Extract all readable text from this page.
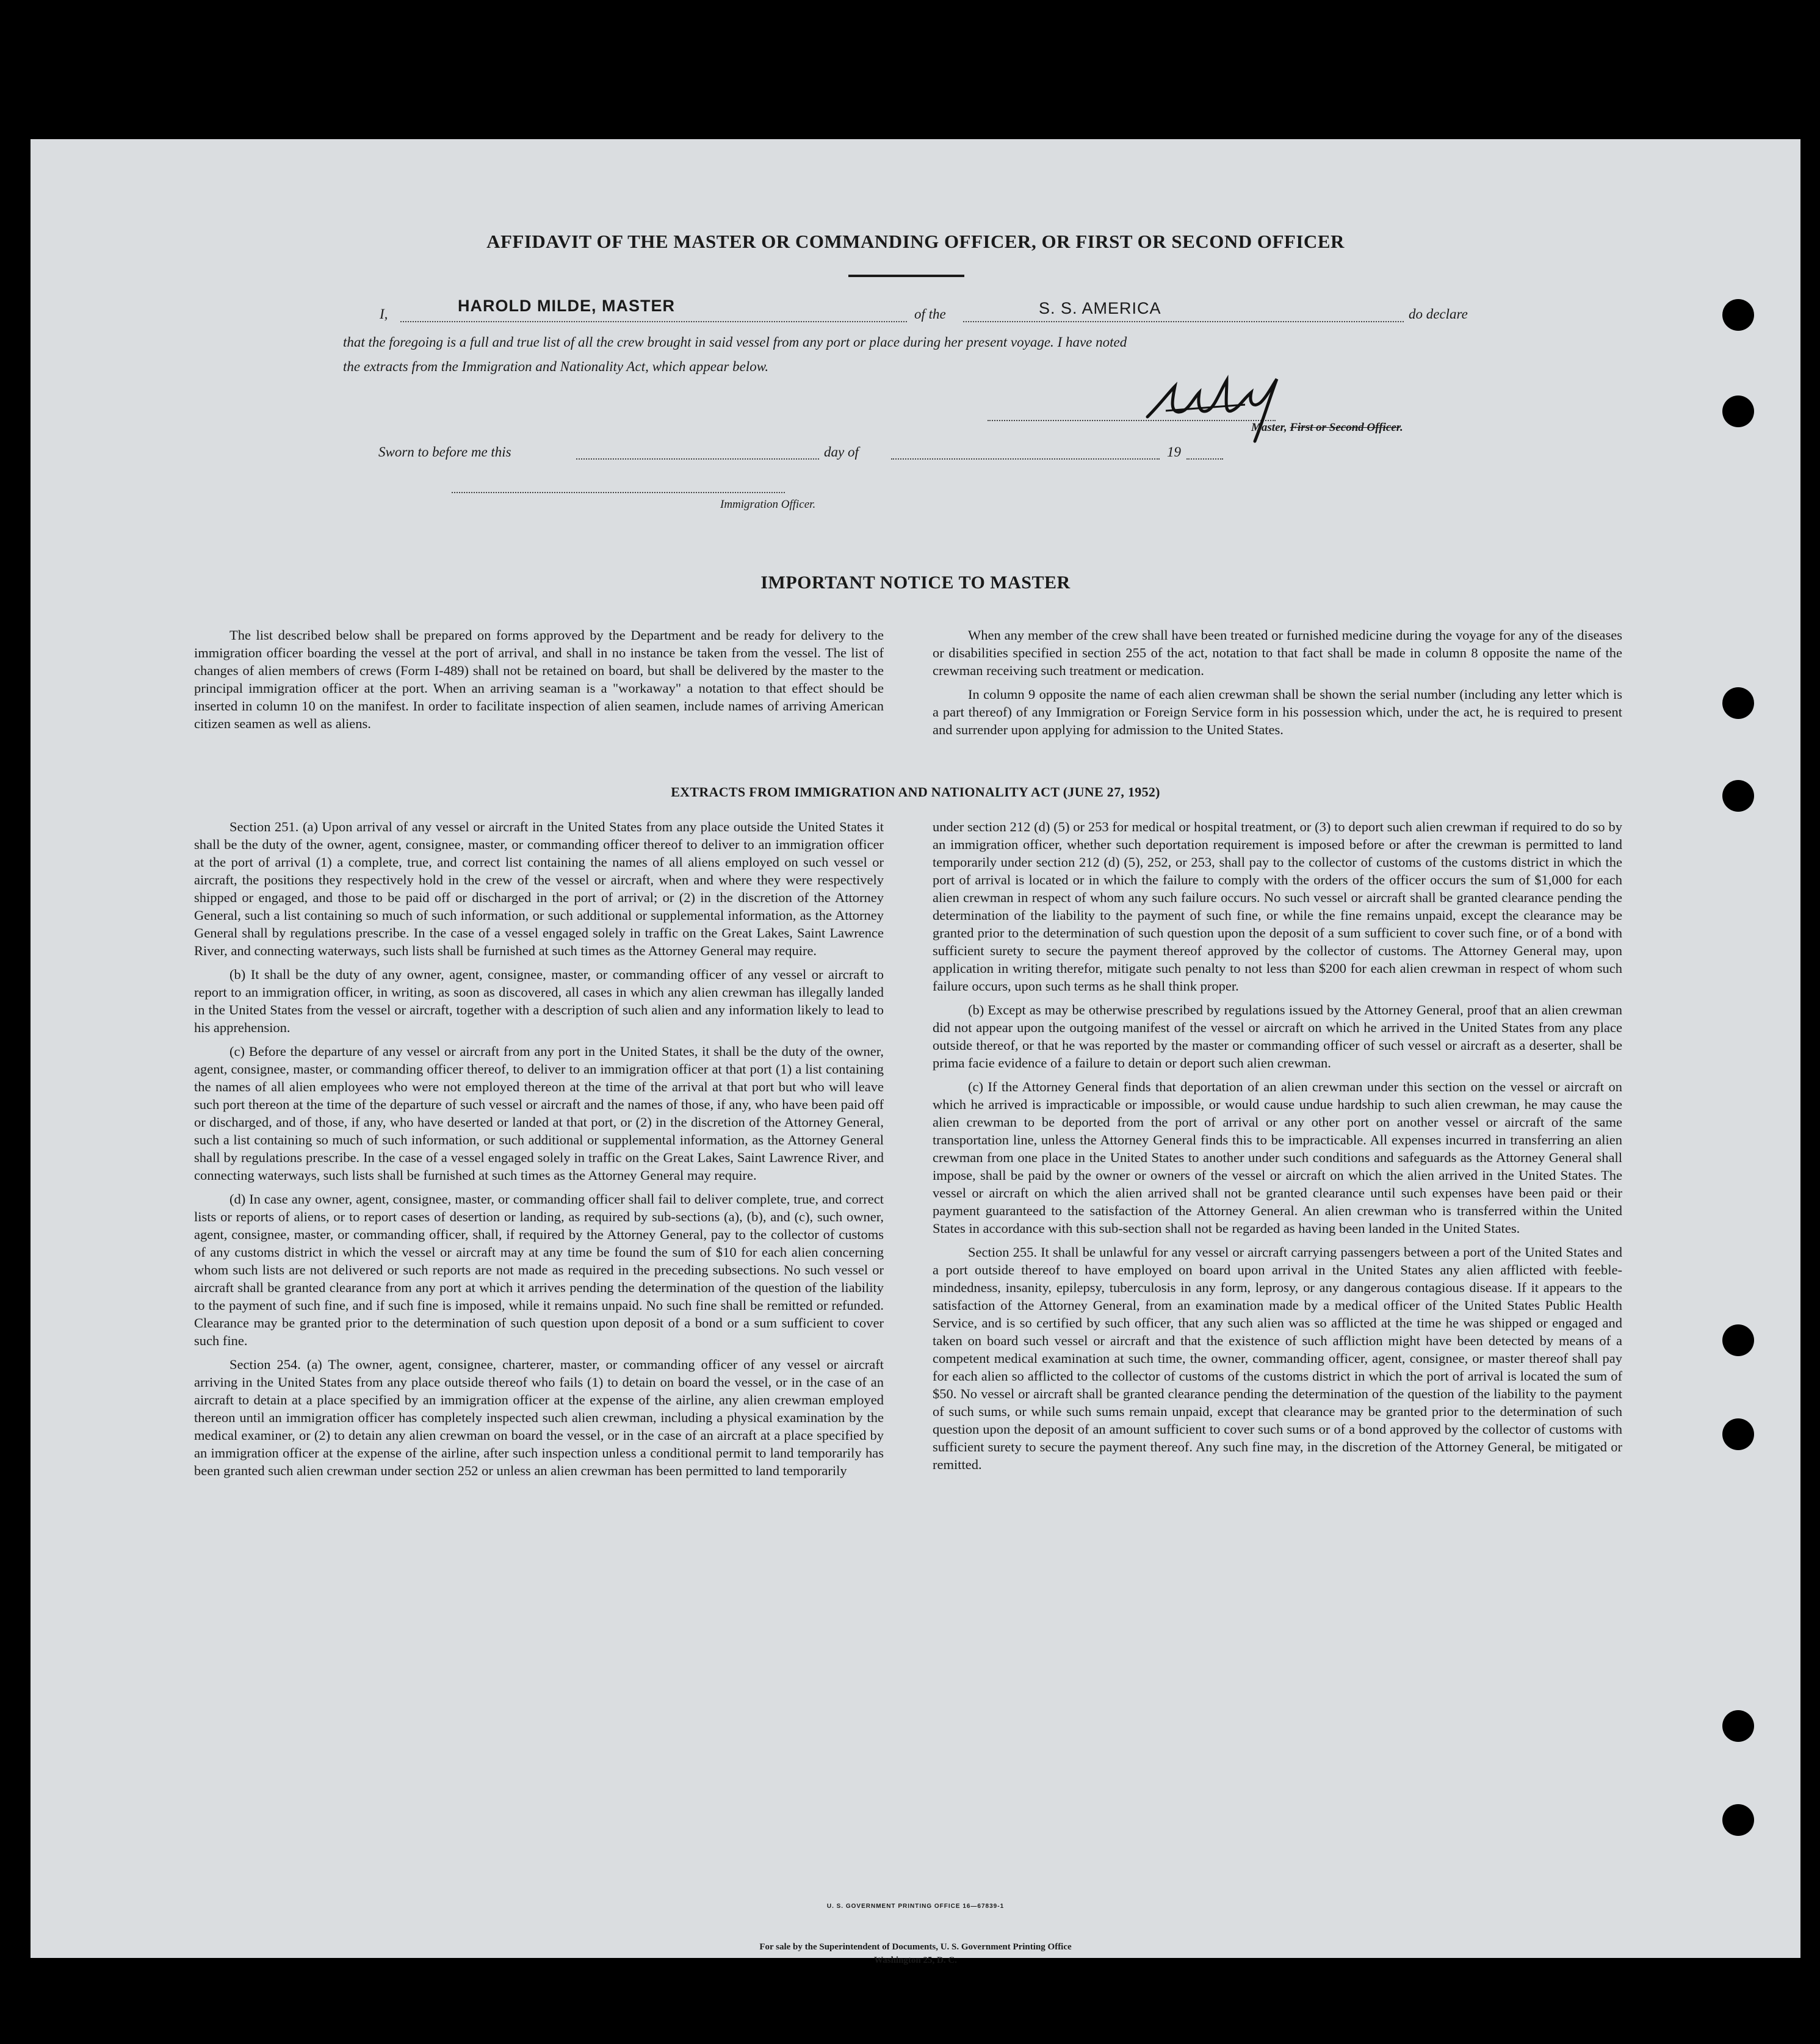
AFFIDAVIT OF THE MASTER OR COMMANDING OFFICER, OR FIRST OR SECOND OFFICER
I,	HAROLD MILDE, MASTER	of the	S. S. AMERICA	do declare
that the foregoing is a full and true list of all the crew brought in said vessel from any port or place during her present voyage. I have noted
the extracts from the Immigration and Nationality Act, which appear below.
Master, First or Second Officer.
Sworn to before me this	day of	19
Immigration Officer.
IMPORTANT NOTICE TO MASTER

The list described below shall be prepared on forms approved by the Department and be ready for delivery to the immigration officer boarding the vessel at the port of arrival, and shall in no instance be taken from the vessel. The list of changes of alien members of crews (Form I-489) shall not be retained on board, but shall be delivered by the master to the principal immigration officer at the port. When an arriving seaman is a "workaway" a notation to that effect should be inserted in column 10 on the manifest. In order to facilitate inspection of alien seamen, include names of arriving American citizen seamen as well as aliens.

When any member of the crew shall have been treated or furnished medicine during the voyage for any of the diseases or disabilities specified in section 255 of the act, notation to that fact shall be made in column 8 opposite the name of the crewman receiving such treatment or medication.

In column 9 opposite the name of each alien crewman shall be shown the serial number (including any letter which is a part thereof) of any Immigration or Foreign Service form in his possession which, under the act, he is required to present and surrender upon applying for admission to the United States.

EXTRACTS FROM IMMIGRATION AND NATIONALITY ACT (JUNE 27, 1952)

Section 251. (a) Upon arrival of any vessel or aircraft in the United States from any place outside the United States it shall be the duty of the owner, agent, consignee, master, or commanding officer thereof to deliver to an immigration officer at the port of arrival (1) a complete, true, and correct list containing the names of all aliens employed on such vessel or aircraft, the positions they respectively hold in the crew of the vessel or aircraft, when and where they were respectively shipped or engaged, and those to be paid off or discharged in the port of arrival; or (2) in the discretion of the Attorney General, such a list containing so much of such information, or such additional or supplemental information, as the Attorney General shall by regulations prescribe. In the case of a vessel engaged solely in traffic on the Great Lakes, Saint Lawrence River, and connecting waterways, such lists shall be furnished at such times as the Attorney General may require.

(b) It shall be the duty of any owner, agent, consignee, master, or commanding officer of any vessel or aircraft to report to an immigration officer, in writing, as soon as discovered, all cases in which any alien crewman has illegally landed in the United States from the vessel or aircraft, together with a description of such alien and any information likely to lead to his apprehension.

(c) Before the departure of any vessel or aircraft from any port in the United States, it shall be the duty of the owner, agent, consignee, master, or commanding officer thereof, to deliver to an immigration officer at that port (1) a list containing the names of all alien employees who were not employed thereon at the time of the arrival at that port but who will leave such port thereon at the time of the departure of such vessel or aircraft and the names of those, if any, who have been paid off or discharged, and of those, if any, who have deserted or landed at that port, or (2) in the discretion of the Attorney General, such a list containing so much of such information, or such additional or supplemental information, as the Attorney General shall by regulations prescribe. In the case of a vessel engaged solely in traffic on the Great Lakes, Saint Lawrence River, and connecting waterways, such lists shall be furnished at such times as the Attorney General may require.

(d) In case any owner, agent, consignee, master, or commanding officer shall fail to deliver complete, true, and correct lists or reports of aliens, or to report cases of desertion or landing, as required by sub-sections (a), (b), and (c), such owner, agent, consignee, master, or commanding officer, shall, if required by the Attorney General, pay to the collector of customs of any customs district in which the vessel or aircraft may at any time be found the sum of $10 for each alien concerning whom such lists are not delivered or such reports are not made as required in the preceding subsections. No such vessel or aircraft shall be granted clearance from any port at which it arrives pending the determination of the question of the liability to the payment of such fine, and if such fine is imposed, while it remains unpaid. No such fine shall be remitted or refunded. Clearance may be granted prior to the determination of such question upon deposit of a bond or a sum sufficient to cover such fine.

Section 254. (a) The owner, agent, consignee, charterer, master, or commanding officer of any vessel or aircraft arriving in the United States from any place outside thereof who fails (1) to detain on board the vessel, or in the case of an aircraft to detain at a place specified by an immigration officer at the expense of the airline, any alien crewman employed thereon until an immigration officer has completely inspected such alien crewman, including a physical examination by the medical examiner, or (2) to detain any alien crewman on board the vessel, or in the case of an aircraft at a place specified by an immigration officer at the expense of the airline, after such inspection unless a conditional permit to land temporarily has been granted such alien crewman under section 252 or unless an alien crewman has been permitted to land temporarily

under section 212 (d) (5) or 253 for medical or hospital treatment, or (3) to deport such alien crewman if required to do so by an immigration officer, whether such deportation requirement is imposed before or after the crewman is permitted to land temporarily under section 212 (d) (5), 252, or 253, shall pay to the collector of customs of the customs district in which the port of arrival is located or in which the failure to comply with the orders of the officer occurs the sum of $1,000 for each alien crewman in respect of whom any such failure occurs. No such vessel or aircraft shall be granted clearance pending the determination of the liability to the payment of such fine, or while the fine remains unpaid, except the clearance may be granted prior to the determination of such question upon the deposit of a sum sufficient to cover such fine, or of a bond with sufficient surety to secure the payment thereof approved by the collector of customs. The Attorney General may, upon application in writing therefor, mitigate such penalty to not less than $200 for each alien crewman in respect of whom such failure occurs, upon such terms as he shall think proper.

(b) Except as may be otherwise prescribed by regulations issued by the Attorney General, proof that an alien crewman did not appear upon the outgoing manifest of the vessel or aircraft on which he arrived in the United States from any place outside thereof, or that he was reported by the master or commanding officer of such vessel or aircraft as a deserter, shall be prima facie evidence of a failure to detain or deport such alien crewman.

(c) If the Attorney General finds that deportation of an alien crewman under this section on the vessel or aircraft on which he arrived is impracticable or impossible, or would cause undue hardship to such alien crewman, he may cause the alien crewman to be deported from the port of arrival or any other port on another vessel or aircraft of the same transportation line, unless the Attorney General finds this to be impracticable. All expenses incurred in transferring an alien crewman from one place in the United States to another under such conditions and safeguards as the Attorney General shall impose, shall be paid by the owner or owners of the vessel or aircraft on which the alien arrived in the United States. The vessel or aircraft on which the alien arrived shall not be granted clearance until such expenses have been paid or their payment guaranteed to the satisfaction of the Attorney General. An alien crewman who is transferred within the United States in accordance with this sub-section shall not be regarded as having been landed in the United States.

Section 255. It shall be unlawful for any vessel or aircraft carrying passengers between a port of the United States and a port outside thereof to have employed on board upon arrival in the United States any alien afflicted with feeble-mindedness, insanity, epilepsy, tuberculosis in any form, leprosy, or any dangerous contagious disease. If it appears to the satisfaction of the Attorney General, from an examination made by a medical officer of the United States Public Health Service, and is so certified by such officer, that any such alien was so afflicted at the time he was shipped or engaged and taken on board such vessel or aircraft and that the existence of such affliction might have been detected by means of a competent medical examination at such time, the owner, commanding officer, agent, consignee, or master thereof shall pay for each alien so afflicted to the collector of customs of the customs district in which the port of arrival is located the sum of $50. No vessel or aircraft shall be granted clearance pending the determination of the question of the liability to the payment of such sums, or while such sums remain unpaid, except that clearance may be granted prior to the determination of such question upon the deposit of an amount sufficient to cover such sums or of a bond approved by the collector of customs with sufficient surety to secure the payment thereof. Any such fine may, in the discretion of the Attorney General, be mitigated or remitted.

U. S. GOVERNMENT PRINTING OFFICE 16—67839-1
For sale by the Superintendent of Documents, U. S. Government Printing Office
Washington 25, D. C.
